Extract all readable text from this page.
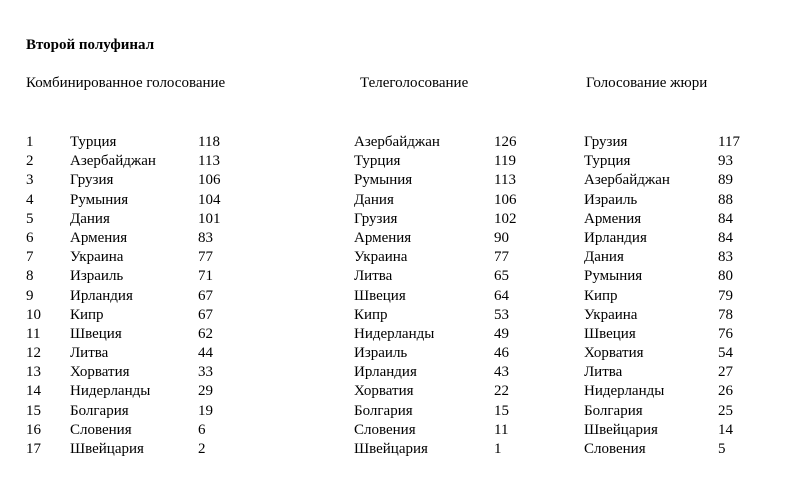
Второй полуфинал
Комбинированное голосование	Телеголосование	Голосование жюри
1 Турция	118	Азербайджан	126	Грузия	117
2 Азербайджан	113	Турция	119	Турция	93
3 Грузия	106	Румыния	113	Азербайджан	89
4 Румыния	104	Дания	106	Израиль	88
5 Дания	101	Грузия	102	Армения	84
6 Армения	83	Армения	90	Ирландия	84
7 Украина	77	Украина	77	Дания	83
8 Израиль	71	Литва	65	Румыния	80
9 Ирландия	67	Швеция	64	Кипр	79
10 Кипр	67	Кипр	53	Украина	78
11 Швеция	62	Нидерланды	49	Швеция	76
12 Литва	44	Израиль	46	Хорватия	54
13 Хорватия	33	Ирландия	43	Литва	27
14 Нидерланды	29	Хорватия	22	Нидерланды	26
15 Болгария	19	Болгария	15	Болгария	25
16 Словения	6	Словения	11	Швейцария	14
17 Швейцария	2	Швейцария	1	Словения	5
